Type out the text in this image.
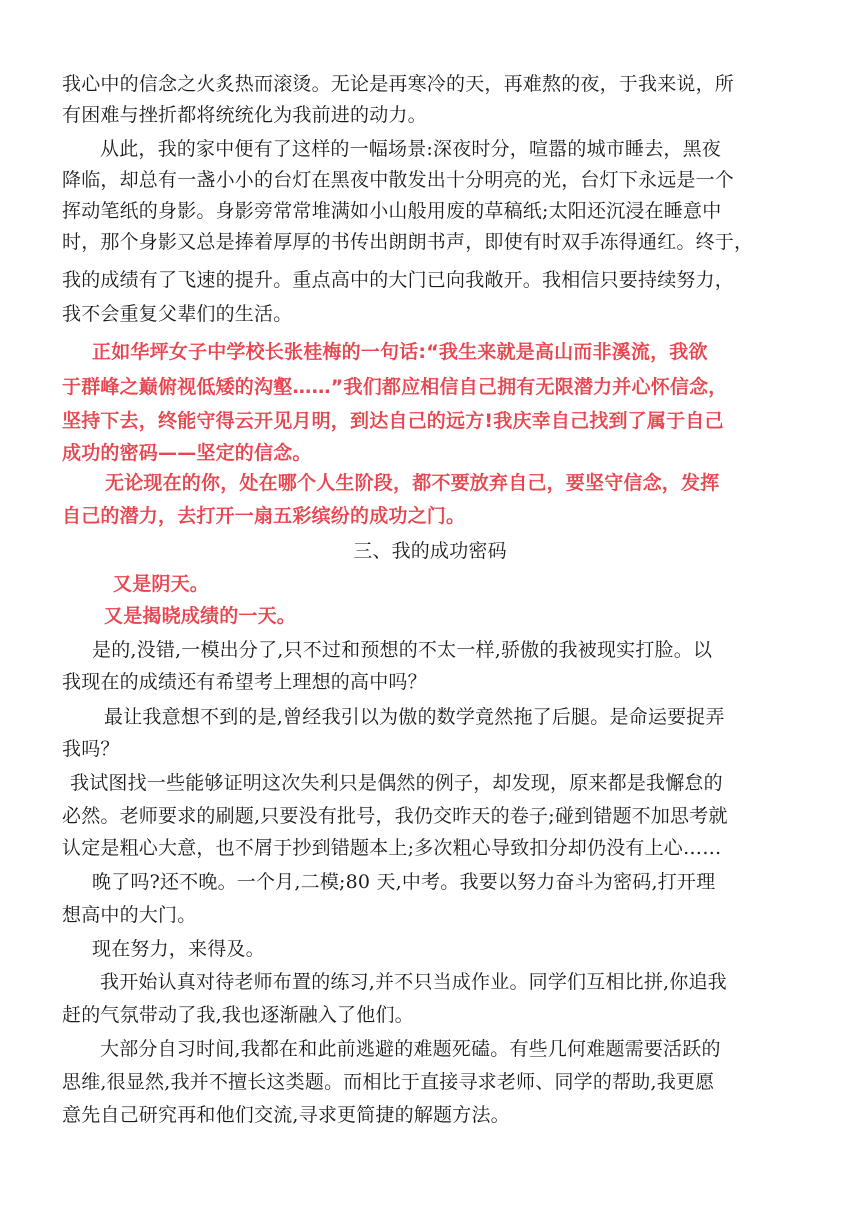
我心中的信念之火炙热而滚烫。无论是再寒冷的天，再难熬的夜，于我来说，所
有困难与挫折都将统统化为我前进的动力。
从此，我的家中便有了这样的一幅场景:深夜时分，喧嚣的城市睡去，黑夜
降临，却总有一盏小小的台灯在黑夜中散发出十分明亮的光，台灯下永远是一个
挥动笔纸的身影。身影旁常常堆满如小山般用废的草稿纸;太阳还沉浸在睡意中
时，那个身影又总是捧着厚厚的书传出朗朗书声，即使有时双手冻得通红。终于，
我的成绩有了飞速的提升。重点高中的大门已向我敞开。我相信只要持续努力，
我不会重复父辈们的生活。
正如华坪女子中学校长张桂梅的一句话:“我生来就是高山而非溪流，我欲
于群峰之巅俯视低矮的沟壑……”我们都应相信自己拥有无限潜力并心怀信念，
坚持下去，终能守得云开见月明，到达自己的远方!我庆幸自己找到了属于自己
成功的密码——坚定的信念。
无论现在的你，处在哪个人生阶段，都不要放弃自己，要坚守信念，发挥
自己的潜力，去打开一扇五彩缤纷的成功之门。
三、我的成功密码
又是阴天。
又是揭晓成绩的一天。
是的,没错,一模出分了,只不过和预想的不太一样,骄傲的我被现实打脸。以
我现在的成绩还有希望考上理想的高中吗？
最让我意想不到的是,曾经我引以为傲的数学竟然拖了后腿。是命运要捉弄
我吗？
我试图找一些能够证明这次失利只是偶然的例子，却发现，原来都是我懈怠的
必然。老师要求的刷题,只要没有批号，我仍交昨天的卷子;碰到错题不加思考就
认定是粗心大意，也不屑于抄到错题本上;多次粗心导致扣分却仍没有上心……
晚了吗?还不晚。一个月,二模;80 天,中考。我要以努力奋斗为密码,打开理
想高中的大门。
现在努力，来得及。
我开始认真对待老师布置的练习,并不只当成作业。同学们互相比拼,你追我
赶的气氛带动了我,我也逐渐融入了他们。
大部分自习时间,我都在和此前逃避的难题死磕。有些几何难题需要活跃的
思维,很显然,我并不擅长这类题。而相比于直接寻求老师、同学的帮助,我更愿
意先自己研究再和他们交流,寻求更简捷的解题方法。
